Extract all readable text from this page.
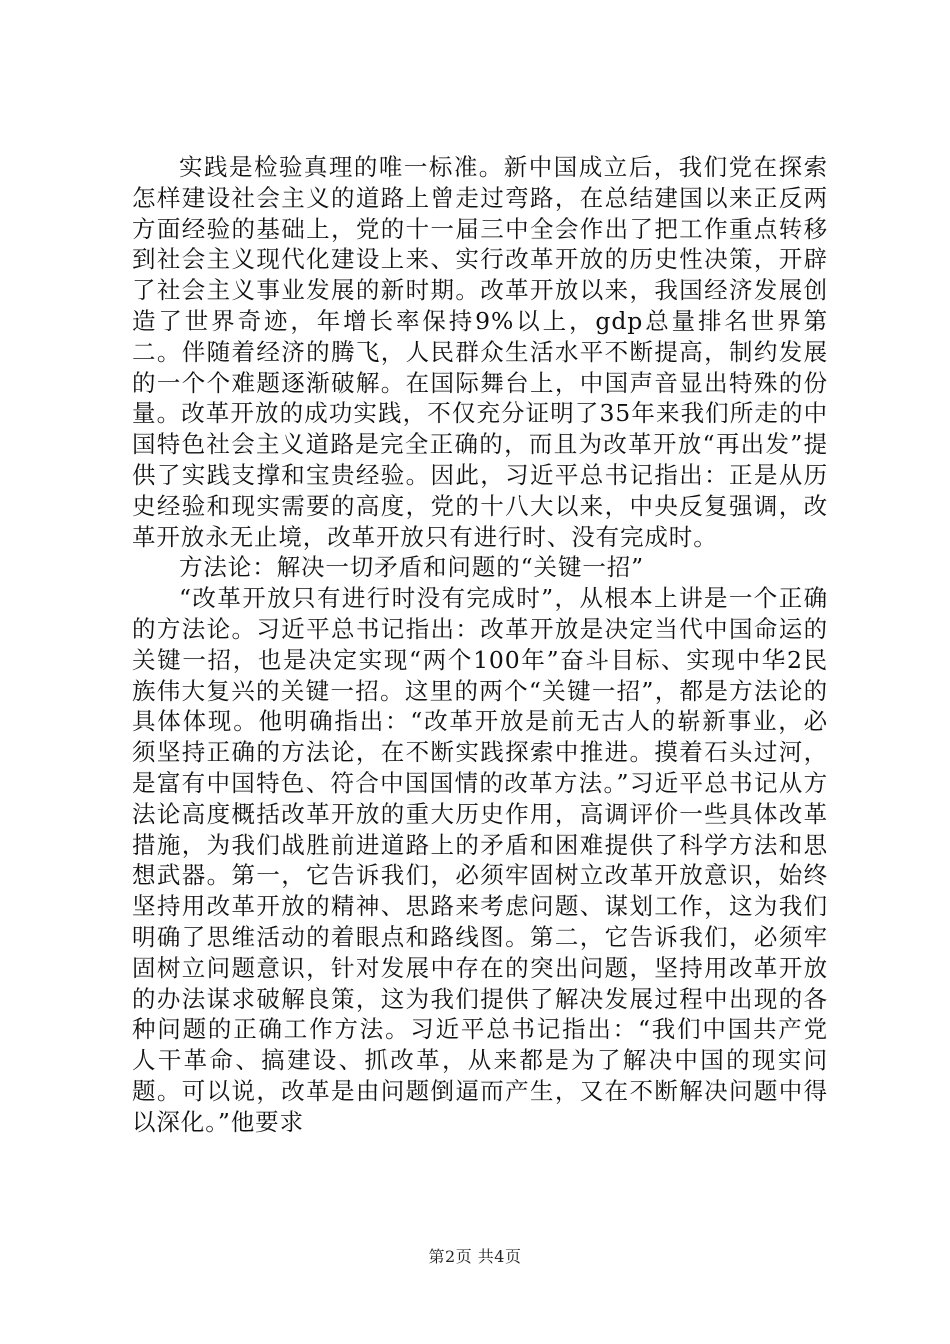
实践是检验真理的唯一标准。新中国成立后，我们党在探索怎样建设社会主义的道路上曾走过弯路，在总结建国以来正反两方面经验的基础上，党的十一届三中全会作出了把工作重点转移到社会主义现代化建设上来、实行改革开放的历史性决策，开辟了社会主义事业发展的新时期。改革开放以来，我国经济发展创造了世界奇迹，年增长率保持9%以上，gdp总量排名世界第二。伴随着经济的腾飞，人民群众生活水平不断提高，制约发展的一个个难题逐渐破解。在国际舞台上，中国声音显出特殊的份量。改革开放的成功实践，不仅充分证明了35年来我们所走的中国特色社会主义道路是完全正确的，而且为改革开放“再出发”提供了实践支撑和宝贵经验。因此，习近平总书记指出：正是从历史经验和现实需要的高度，党的十八大以来，中央反复强调，改革开放永无止境，改革开放只有进行时、没有完成时。

方法论：解决一切矛盾和问题的“关键一招”

“改革开放只有进行时没有完成时”，从根本上讲是一个正确的方法论。习近平总书记指出：改革开放是决定当代中国命运的关键一招，也是决定实现“两个100年”奋斗目标、实现中华2民族伟大复兴的关键一招。这里的两个“关键一招”，都是方法论的具体体现。他明确指出：“改革开放是前无古人的崭新事业，必须坚持正确的方法论，在不断实践探索中推进。摸着石头过河，是富有中国特色、符合中国国情的改革方法。”习近平总书记从方法论高度概括改革开放的重大历史作用，高调评价一些具体改革措施，为我们战胜前进道路上的矛盾和困难提供了科学方法和思想武器。第一，它告诉我们，必须牢固树立改革开放意识，始终坚持用改革开放的精神、思路来考虑问题、谋划工作，这为我们明确了思维活动的着眼点和路线图。第二，它告诉我们，必须牢固树立问题意识，针对发展中存在的突出问题，坚持用改革开放的办法谋求破解良策，这为我们提供了解决发展过程中出现的各种问题的正确工作方法。习近平总书记指出：“我们中国共产党人干革命、搞建设、抓改革，从来都是为了解决中国的现实问题。可以说，改革是由问题倒逼而产生，又在不断解决问题中得以深化。”他要求

第2页 共4页
